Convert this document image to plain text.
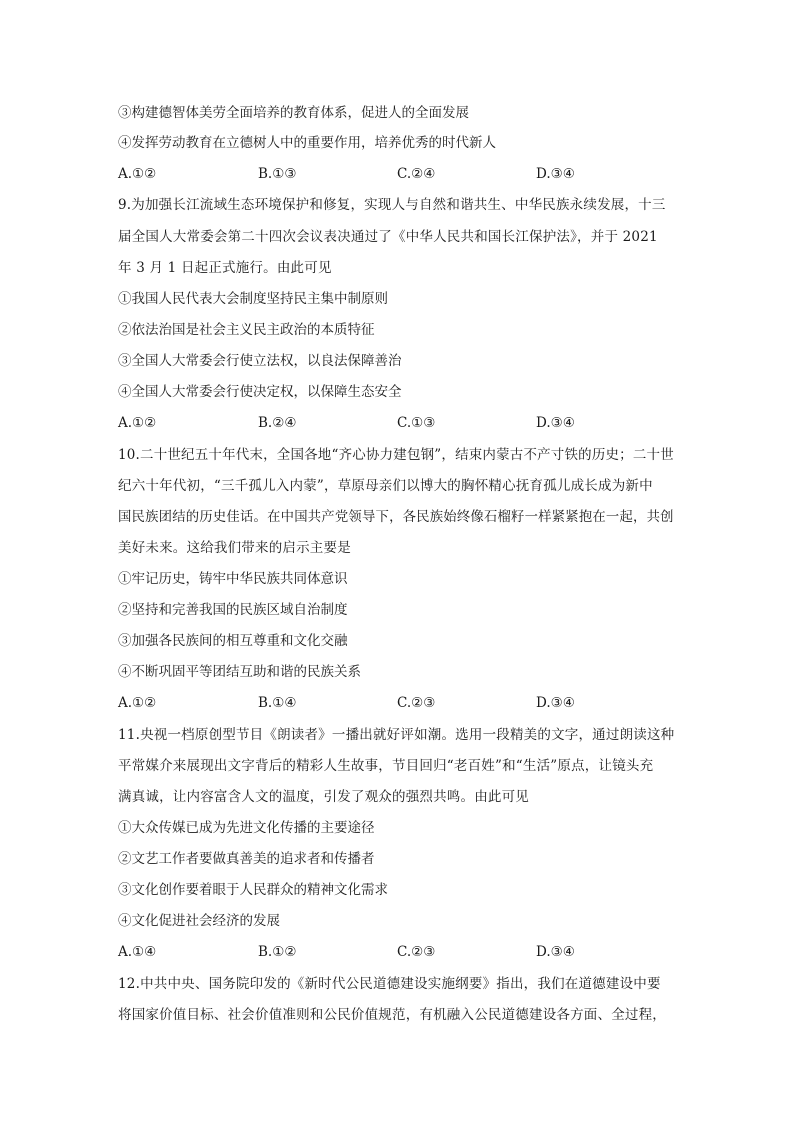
③构建德智体美劳全面培养的教育体系，促进人的全面发展
④发挥劳动教育在立德树人中的重要作用，培养优秀的时代新人
A.①②	B.①③	C.②④	D.③④
9.为加强长江流域生态环境保护和修复，实现人与自然和谐共生、中华民族永续发展，十三
届全国人大常委会第二十四次会议表决通过了《中华人民共和国长江保护法》，并于 2021
年 3 月 1 日起正式施行。由此可见
①我国人民代表大会制度坚持民主集中制原则
②依法治国是社会主义民主政治的本质特征
③全国人大常委会行使立法权，以良法保障善治
④全国人大常委会行使决定权，以保障生态安全
A.①②	B.②④	C.①③	D.③④
10.二十世纪五十年代末，全国各地“齐心协力建包钢”，结束内蒙古不产寸铁的历史；二十世
纪六十年代初，“三千孤儿入内蒙”，草原母亲们以博大的胸怀精心抚育孤儿成长成为新中
国民族团结的历史佳话。在中国共产党领导下，各民族始终像石榴籽一样紧紧抱在一起，共创
美好未来。这给我们带来的启示主要是
①牢记历史，铸牢中华民族共同体意识
②坚持和完善我国的民族区域自治制度
③加强各民族间的相互尊重和文化交融
④不断巩固平等团结互助和谐的民族关系
A.①②	B.①④	C.②③	D.③④
11.央视一档原创型节目《朗读者》一播出就好评如潮。选用一段精美的文字，通过朗读这种
平常媒介来展现出文字背后的精彩人生故事，节目回归“老百姓”和“生活”原点，让镜头充
满真诚，让内容富含人文的温度，引发了观众的强烈共鸣。由此可见
①大众传媒已成为先进文化传播的主要途径
②文艺工作者要做真善美的追求者和传播者
③文化创作要着眼于人民群众的精神文化需求
④文化促进社会经济的发展
A.①④	B.①②	C.②③	D.③④
12.中共中央、国务院印发的《新时代公民道德建设实施纲要》指出，我们在道德建设中要
将国家价值目标、社会价值准则和公民价值规范，有机融入公民道德建设各方面、全过程，
